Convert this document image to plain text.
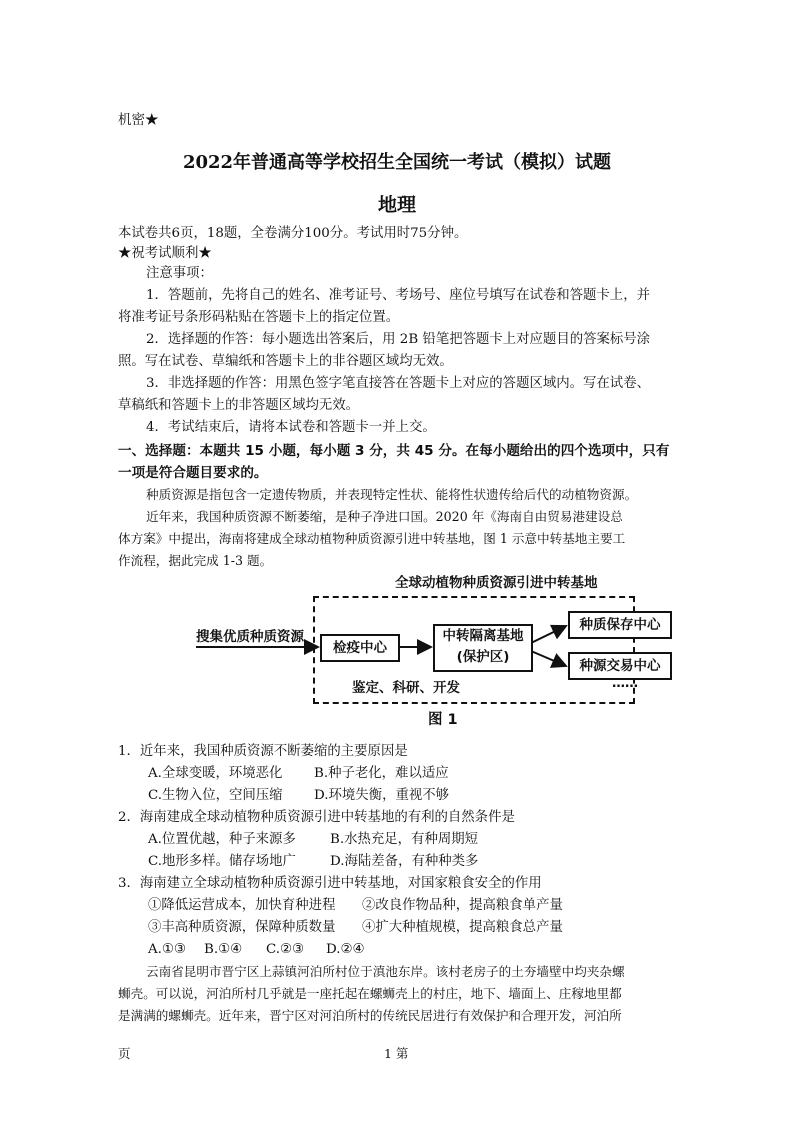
机密★
2022年普通高等学校招生全国统一考试（模拟）试题
地理
本试卷共6页，18题，全卷满分100分。考试用时75分钟。
★祝考试顺利★
注意事项：
1．答题前，先将自己的姓名、准考证号、考场号、座位号填写在试卷和答题卡上，并
将准考证号条形码粘贴在答题卡上的指定位置。
2．选择题的作答：每小题选出答案后，用 2B 铅笔把答题卡上对应题目的答案标号涂
照。写在试卷、草编纸和答题卡上的非谷题区域均无效。
3．非选择题的作答：用黑色签字笔直接答在答题卡上对应的答题区域内。写在试卷、
草稿纸和答题卡上的非答题区域均无效。
4．考试结束后，请将本试卷和答题卡一并上交。
一、选择题：本题共 15 小题，每小题 3 分，共 45 分。在每小题给出的四个选项中，只有
一项是符合题目要求的。
种质资源是指包含一定遗传物质，并表现特定性状、能将性状遗传给后代的动植物资源。
近年来，我国种质资源不断萎缩，是种子净进口国。2020 年《海南自由贸易港建设总
体方案》中提出，海南将建成全球动植物种质资源引进中转基地，图 1 示意中转基地主要工
作流程，据此完成 1-3 题。
全球动植物种质资源引进中转基地
搜集优质种质资源
检疫中心
中转隔离基地
(保护区)
种质保存中心
种源交易中心
鉴定、科研、开发	……
图 1
1．近年来，我国种质资源不断萎缩的主要原因是
A.全球变暖，环境恶化 B.种子老化，难以适应
C.生物入位，空间压缩 D.环境失衡，重视不够
2．海南建成全球动植物种质资源引进中转基地的有利的自然条件是
A.位置优越，种子来源多	B.水热充足，有种周期短
C.地形多样。储存场地广	D.海陆差备，有种种类多
3．海南建立全球动植物种质资源引进中转基地，对国家粮食安全的作用
①降低运营成本，加快育种进程 ②改良作物品种，提高粮食单产量
③丰高种质资源，保障种质数量 ④扩大种植规模，提高粮食总产量
A.①③ B.①④ C.②③ D.②④
云南省昆明市晋宁区上蒜镇河泊所村位于滇池东岸。该村老房子的土夯墙壁中均夹杂螺
蛳壳。可以说，河泊所村几乎就是一座托起在螺蛳壳上的村庄，地下、墙面上、庄稼地里都
是满满的螺蛳壳。近年来，晋宁区对河泊所村的传统民居进行有效保护和合理开发，河泊所
页	1 第
